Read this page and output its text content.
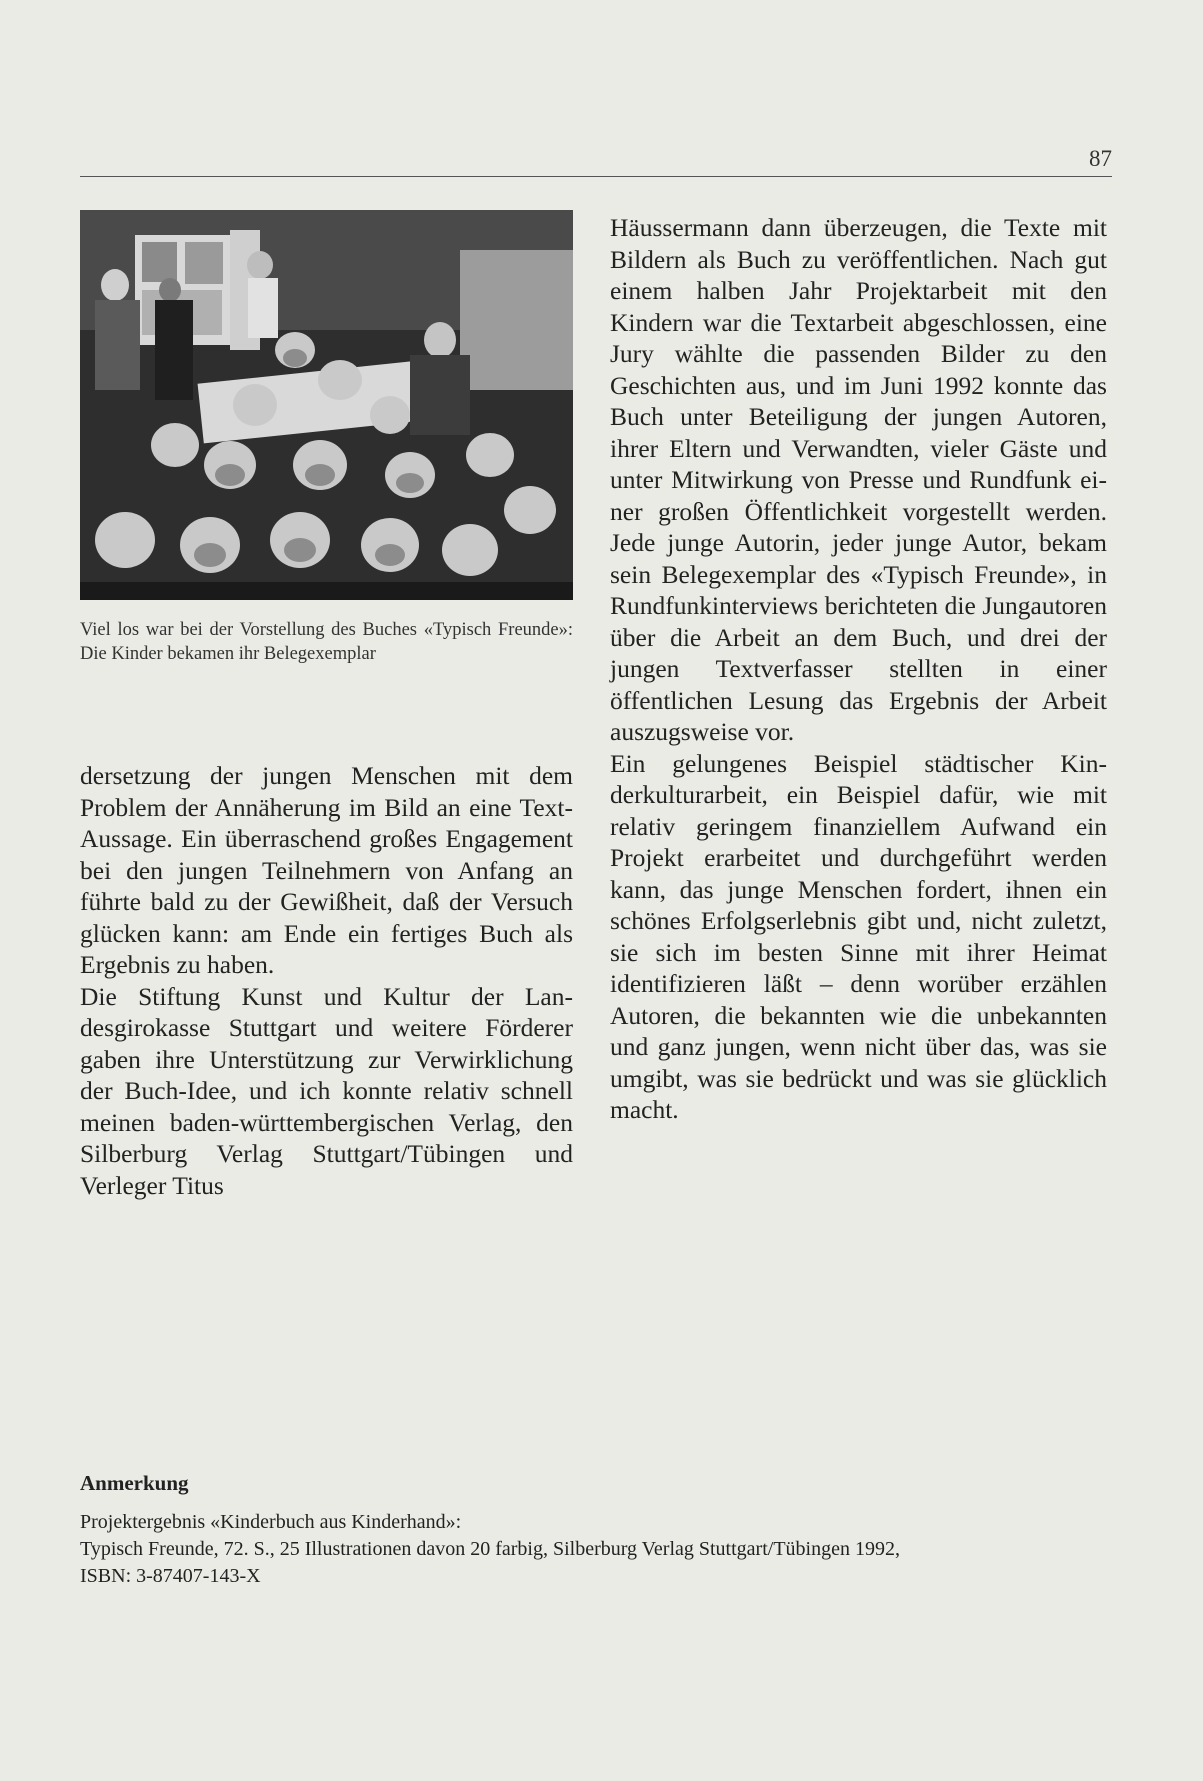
87
Viel los war bei der Vorstellung des Buches «Typisch Freunde»: Die Kinder bekamen ihr Belegexemplar

dersetzung der jungen Menschen mit dem Problem der Annäherung im Bild an eine Text-Aussage. Ein überraschend großes Engagement bei den jungen Teilnehmern von Anfang an führte bald zu der Gewißheit, daß der Versuch glücken kann: am Ende ein fertiges Buch als Ergebnis zu haben.

Die Stiftung Kunst und Kultur der Landesgirokasse Stuttgart und weitere Förderer gaben ihre Unterstützung zur Verwirklichung der Buch-Idee, und ich konnte relativ schnell meinen baden-württembergischen Verlag, den Silberburg Verlag Stuttgart/Tübingen und Verleger Titus

Häussermann dann überzeugen, die Texte mit Bildern als Buch zu veröffentlichen. Nach gut einem halben Jahr Projektarbeit mit den Kindern war die Textarbeit abgeschlossen, eine Jury wählte die passenden Bilder zu den Geschichten aus, und im Juni 1992 konnte das Buch unter Beteiligung der jungen Autoren, ihrer Eltern und Verwandten, vieler Gäste und unter Mitwirkung von Presse und Rundfunk einer großen Öffentlichkeit vorgestellt werden. Jede junge Autorin, jeder junge Autor, bekam sein Belegexemplar des «Typisch Freunde», in Rundfunkinterviews berichteten die Jungautoren über die Arbeit an dem Buch, und drei der jungen Textverfasser stellten in einer öffentlichen Lesung das Ergebnis der Arbeit auszugsweise vor.

Ein gelungenes Beispiel städtischer Kinderkulturarbeit, ein Beispiel dafür, wie mit relativ geringem finanziellem Aufwand ein Projekt erarbeitet und durchgeführt werden kann, das junge Menschen fordert, ihnen ein schönes Erfolgserlebnis gibt und, nicht zuletzt, sie sich im besten Sinne mit ihrer Heimat identifizieren läßt – denn worüber erzählen Autoren, die bekannten wie die unbekannten und ganz jungen, wenn nicht über das, was sie umgibt, was sie bedrückt und was sie glücklich macht.

Anmerkung

Projektergebnis «Kinderbuch aus Kinderhand»:

Typisch Freunde, 72. S., 25 Illustrationen davon 20 farbig, Silberburg Verlag Stuttgart/Tübingen 1992,

ISBN: 3-87407-143-X
